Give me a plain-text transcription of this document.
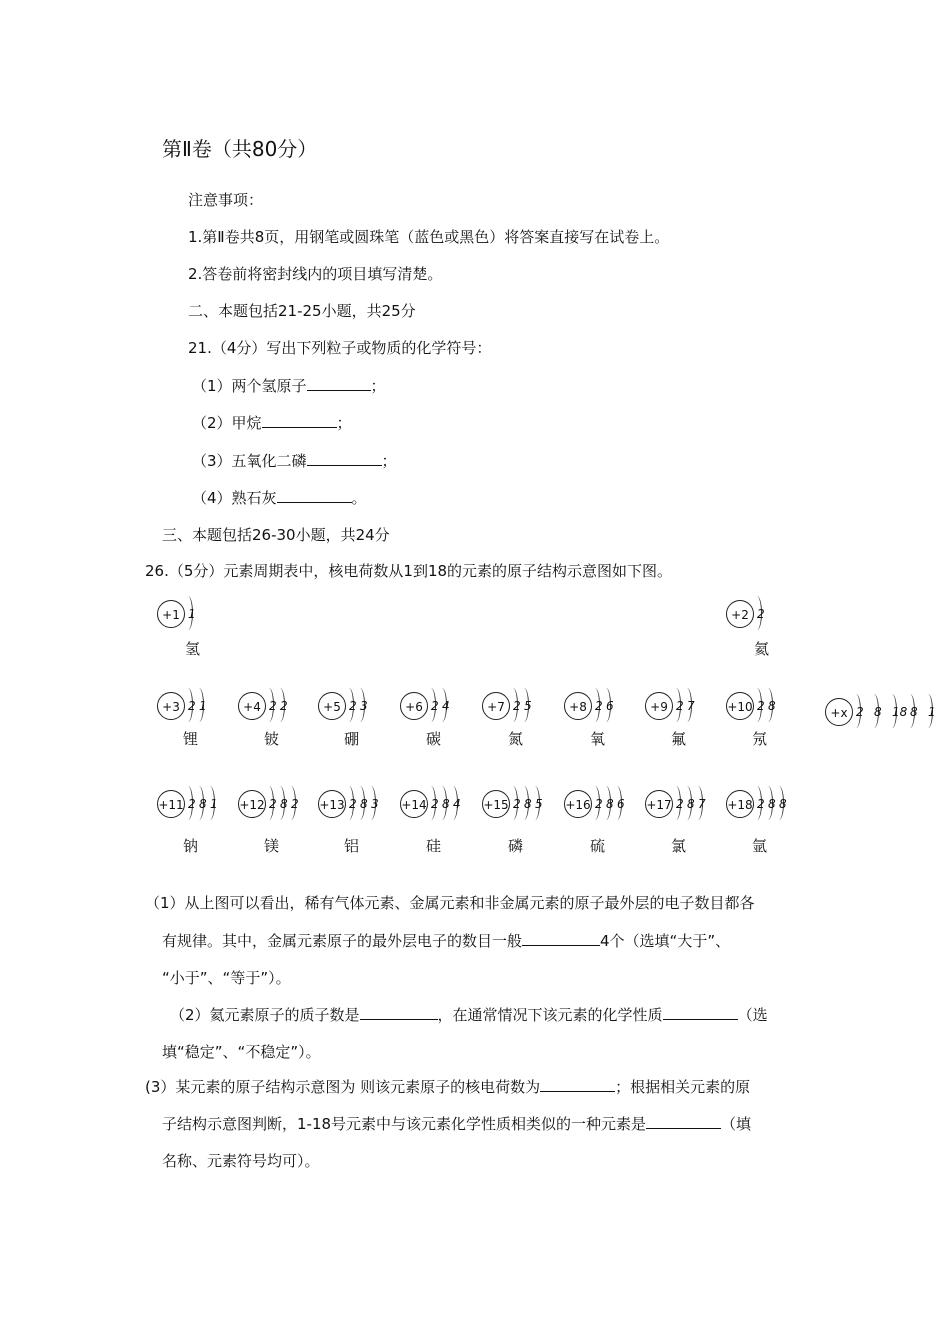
第Ⅱ卷（共80分）
注意事项：
1.第Ⅱ卷共8页，用钢笔或圆珠笔（蓝色或黑色）将答案直接写在试卷上。
2.答卷前将密封线内的项目填写清楚。
二、本题包括21-25小题，共25分
21.（4分）写出下列粒子或物质的化学符号：
（1）两个氢原子	；
（2）甲烷	；
（3）五氧化二磷	；
（4）熟石灰	。
三、本题包括26-30小题，共24分
26.（5分）元素周期表中，核电荷数从1到18的元素的原子结构示意图如下图。
+1 1
氢
+2 2
氦
+3 2 1
锂
+4 2 2
铍
+5 2 3
硼
+6 2 4
碳
+7 2 5
氮
+8 2 6
氧
+9 2 7
氟
+10 2 8
氖
+11 2 8 1
钠
+12 2 8 2
镁
+13 2 8 3
铝
+14 2 8 4
硅
+15 2 8 5
磷
+16 2 8 6
硫
+17 2 8 7
氯
+18 2 8 8
氩
+x 2 8 18 8 1
（1）从上图可以看出，稀有气体元素、金属元素和非金属元素的原子最外层的电子数目都各
有规律。其中，金属元素原子的最外层电子的数目一般	4个（选填“大于”、
“小于”、“等于”）。
（2）氦元素原子的质子数是	，在通常情况下该元素的化学性质	（选
填“稳定”、“不稳定”）。
(3）某元素的原子结构示意图为 则该元素原子的核电荷数为	；根据相关元素的原
子结构示意图判断，1-18号元素中与该元素化学性质相类似的一种元素是	（填
名称、元素符号均可）。
